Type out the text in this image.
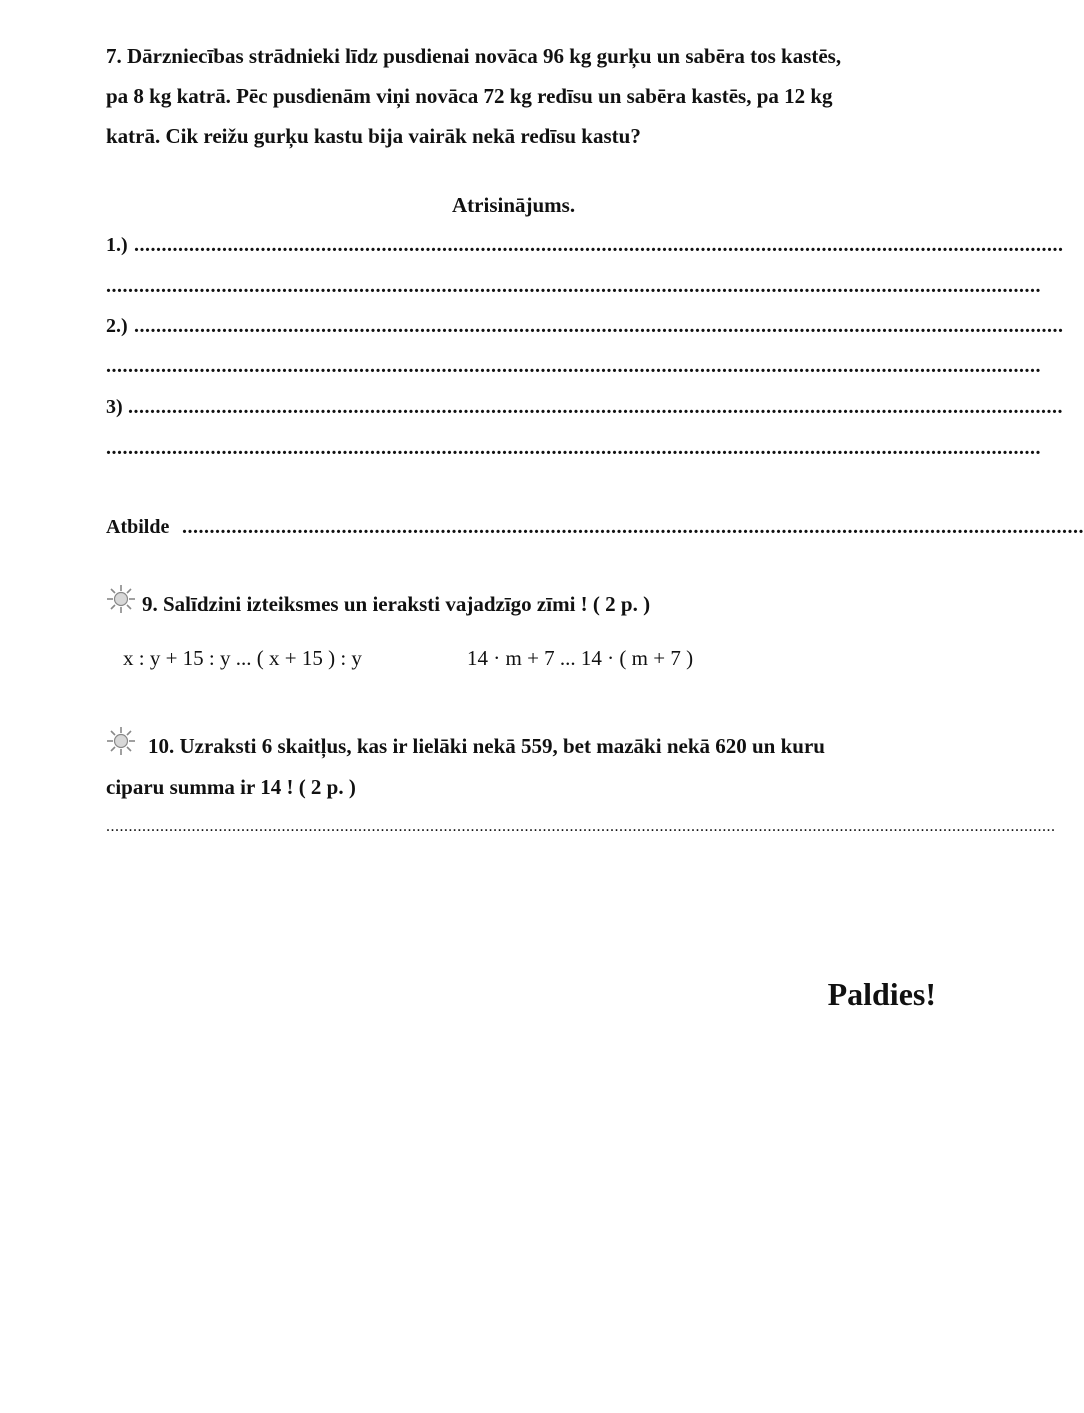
7. Dārzniecības strādnieki līdz pusdienai novāca 96 kg gurķu un sabēra tos kastēs,
pa 8 kg katrā. Pēc pusdienām viņi novāca 72 kg redīsu un sabēra kastēs, pa 12 kg
katrā. Cik reižu gurķu kastu bija vairāk nekā redīsu kastu?
Atrisinājums.
1.) .........................................................................................................................................................................
..........................................................................................................................................................................
2.) .........................................................................................................................................................................
..........................................................................................................................................................................
3) ..........................................................................................................................................................................
..........................................................................................................................................................................
Atbilde ....................................................................................................................................................................
9. Salīdzini izteiksmes un ieraksti vajadzīgo zīmi ! ( 2 p. )
x : y + 15 : y ... ( x + 15 ) : y	14 · m + 7 ... 14 · ( m + 7 )
10. Uzraksti 6 skaitļus, kas ir lielāki nekā 559, bet mazāki nekā 620 un kuru
ciparu summa ir 14 ! ( 2 p. )
...................................................................................................................................................................................................................
Paldies!
